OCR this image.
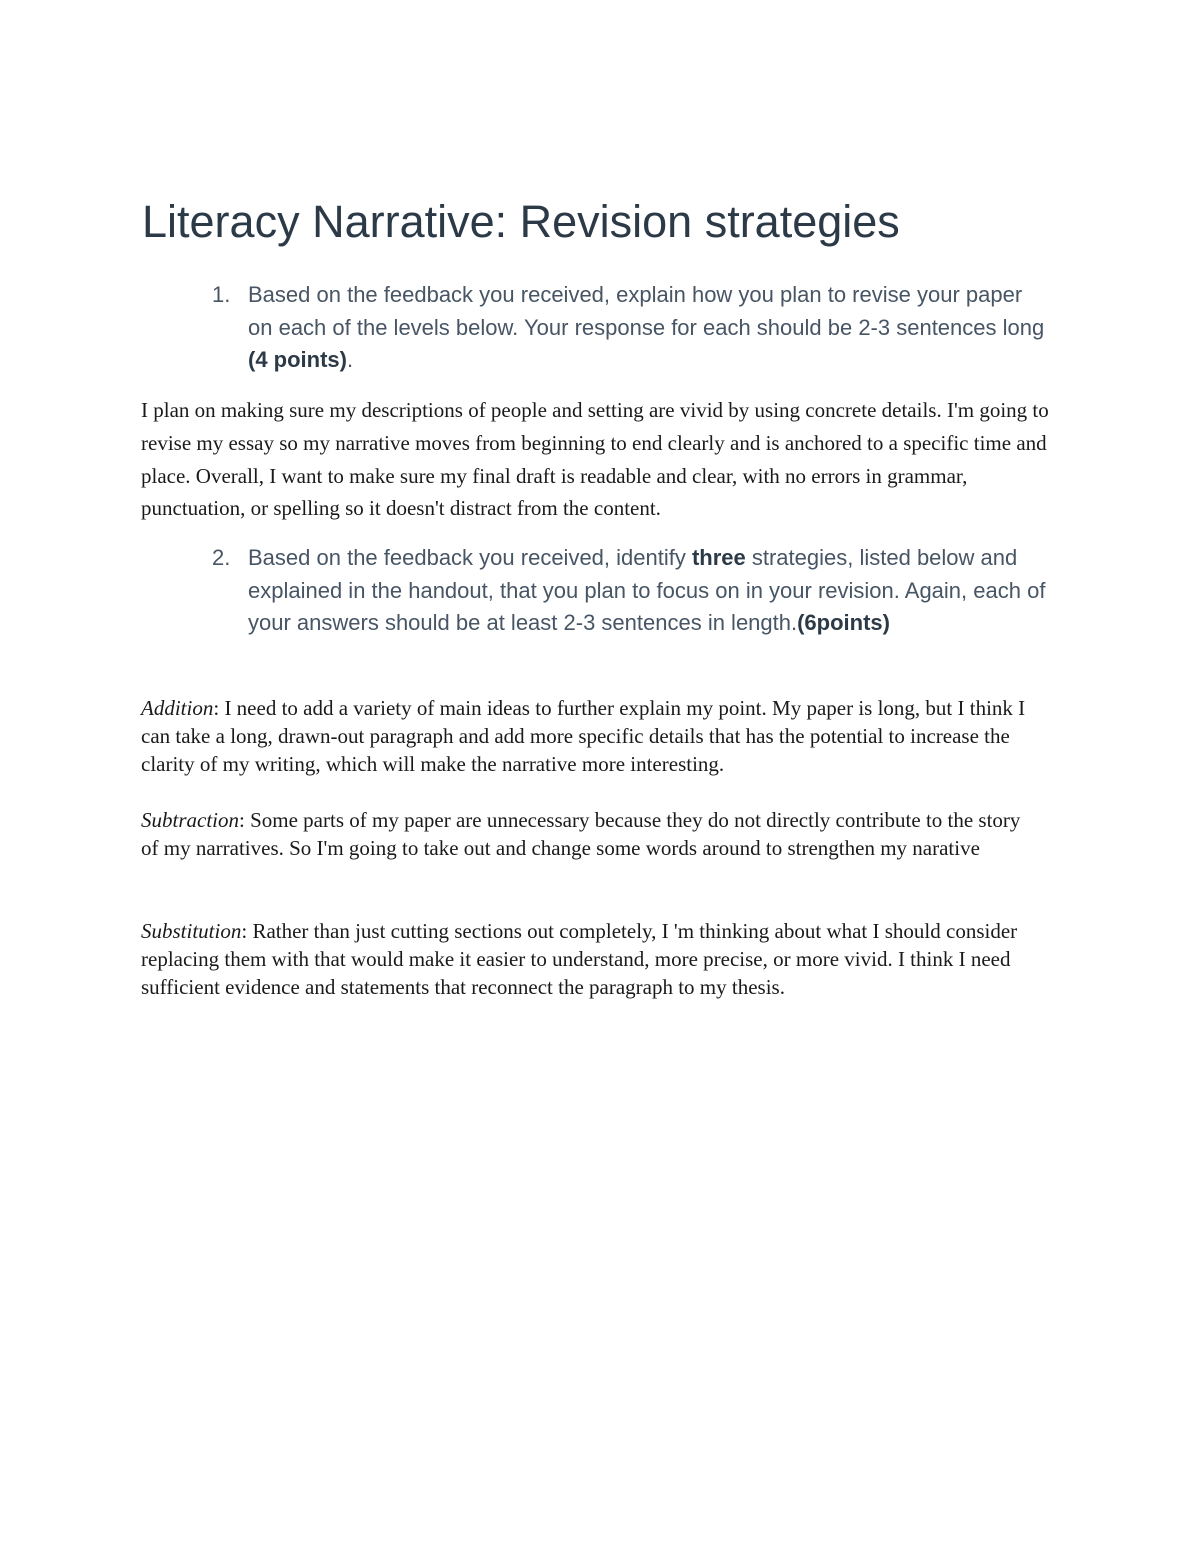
Literacy Narrative: Revision strategies
1. Based on the feedback you received, explain how you plan to revise your paper on each of the levels below. Your response for each should be 2-3 sentences long (4 points).

I plan on making sure my descriptions of people and setting are vivid by using concrete details. I'm going to revise my essay so my narrative moves from beginning to end clearly and is anchored to a specific time and place. Overall, I want to make sure my final draft is readable and clear, with no errors in grammar, punctuation, or spelling so it doesn't distract from the content.

2. Based on the feedback you received, identify three strategies, listed below and explained in the handout, that you plan to focus on in your revision. Again, each of your answers should be at least 2-3 sentences in length.(6points)

Addition: I need to add a variety of main ideas to further explain my point. My paper is long, but I think I can take a long, drawn-out paragraph and add more specific details that has the potential to increase the clarity of my writing, which will make the narrative more interesting.

Subtraction: Some parts of my paper are unnecessary because they do not directly contribute to the story of my narratives. So I'm going to take out and change some words around to strengthen my narative

Substitution: Rather than just cutting sections out completely, I 'm thinking about what I should consider replacing them with that would make it easier to understand, more precise, or more vivid. I think I need sufficient evidence and statements that reconnect the paragraph to my thesis.
